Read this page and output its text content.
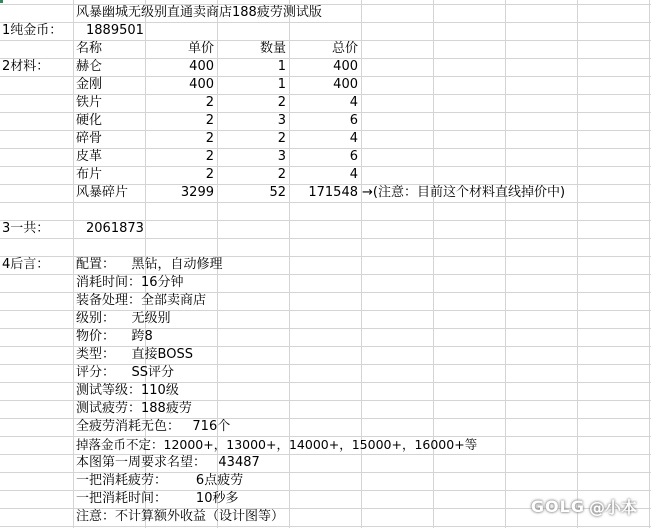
风暴幽城无级别直通卖商店188疲劳测试版
1纯金币： 1889501
名称	单价	数量	总价
2材料： 赫仑	400	1	400
金刚	400	1	400
铁片	2	2	4
硬化	2	3	6
碎骨	2	2	4
皮革	2	3	6
布片	2	2	4
风暴碎片	3299	52	171548 →(注意：目前这个材料直线掉价中)
3一共：	2061873
4后言： 配置：    黑钻，自动修理
消耗时间：16分钟
装备处理：全部卖商店
级别：    无级别
物价：    跨8
类型：    直接BOSS
评分：    SS评分
测试等级：110级
测试疲劳：188疲劳
全疲劳消耗无色：   716个
掉落金币不定：12000+，13000+，14000+，15000+，16000+等
本图第一周要求名望：   43487
一把消耗疲劳：       6点疲劳
一把消耗时间：       10秒多
注意：不计算额外收益（设计图等）
GOLG @小本
